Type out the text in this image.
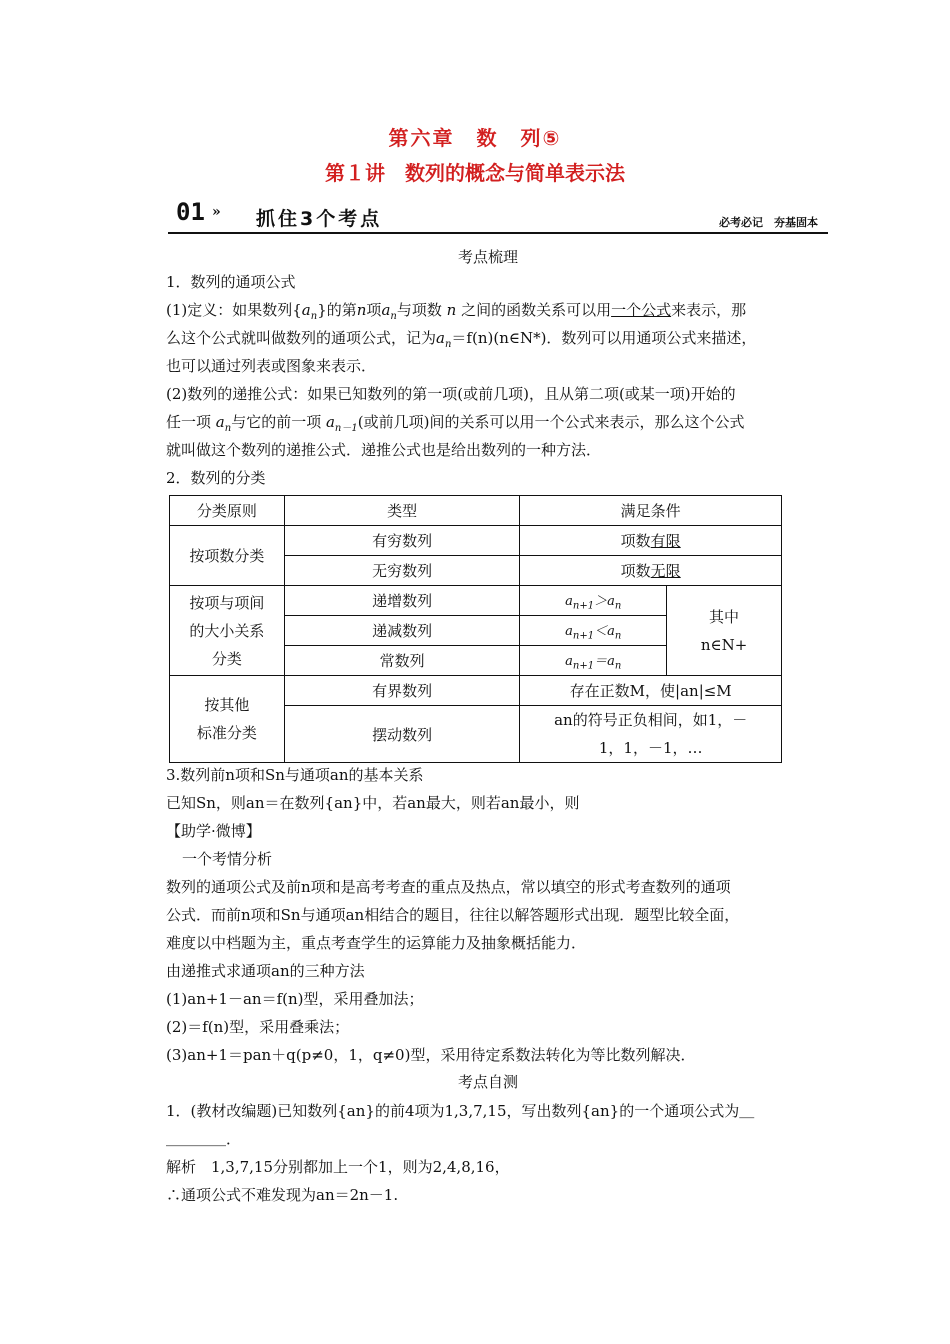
第六章　数　列⑤
第１讲　数列的概念与简单表示法
01 » 抓住3个考点	必考必记　夯基固本
考点梳理
1．数列的通项公式
(1)定义：如果数列$\{a_n\}$的第n项$a_n$与项数 n 之间的函数关系可以用一个公式来表示，那
么这个公式就叫做数列的通项公式，记为$a_n=f(n)(n\in N*)$．数列可以用通项公式来描述，
也可以通过列表或图象来表示．
(2)数列的递推公式：如果已知数列的第一项(或前几项)，且从第二项(或某一项)开始的
任一项 $a_n$与它的前一项 $a_{n-1}$(或前几项)间的关系可以用一个公式来表示，那么这个公式
就叫做这个数列的递推公式．递推公式也是给出数列的一种方法．
2．数列的分类
分类原则	类型	满足条件	
按项数分类	有穷数列	项数有限	
	无穷数列	项数无限	
按项与项间
的大小关系
分类	递增数列	$a_{n+1}>a_n$	其中
n∈N+
	递减数列	$a_{n+1}<a_n$
	常数列	$a_{n+1}=a_n$
按其他
标准分类	有界数列	存在正数M，使|an|≤M	
	摆动数列	an的符号正负相间，如1，－
1，1，－1，…	
3.数列前n项和Sn与通项an的基本关系
已知Sn，则an＝在数列{an}中，若an最大，则若an最小，则
【助学·微博】
一个考情分析
数列的通项公式及前n项和是高考考查的重点及热点，常以填空的形式考查数列的通项
公式．而前n项和Sn与通项an相结合的题目，往往以解答题形式出现．题型比较全面，
难度以中档题为主，重点考查学生的运算能力及抽象概括能力．
由递推式求通项an的三种方法
(1)an+1－an＝f(n)型，采用叠加法；
(2)＝f(n)型，采用叠乘法；
(3)an+1＝pan＋q(p≠0，1，q≠0)型，采用待定系数法转化为等比数列解决．
考点自测
1．(教材改编题)已知数列{an}的前4项为1,3,7,15，写出数列{an}的一个通项公式为＿
＿＿＿＿．
解析　1,3,7,15分别都加上一个1，则为2,4,8,16，
∴通项公式不难发现为an＝2n－1.
